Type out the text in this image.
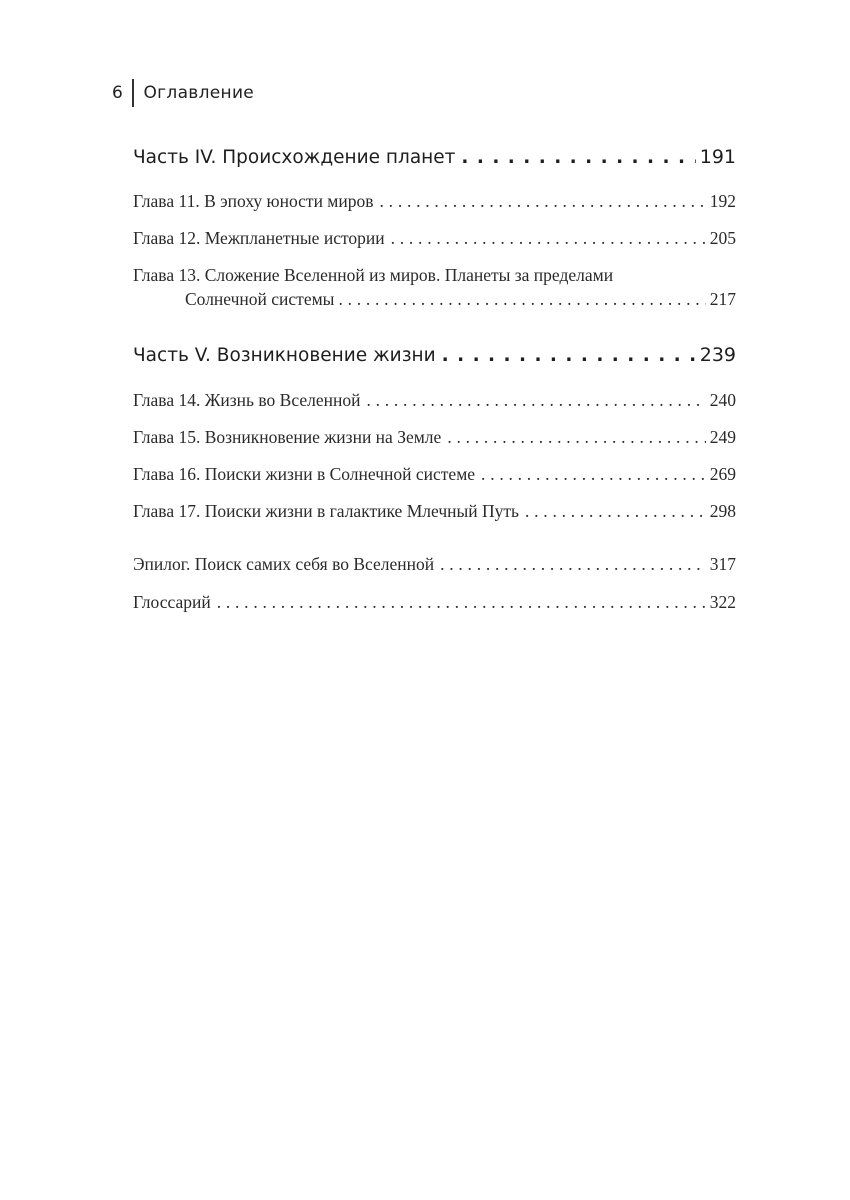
6 Оглавление
Часть IV. Происхождение планет . . .	191
Глава 11. В эпоху юности миров . . .	192
Глава 12. Межпланетные истории . . .	205
Глава 13. Сложение Вселенной из миров. Планеты за пределами
Солнечной системы . . .	217
Часть V. Возникновение жизни . . .	239
Глава 14. Жизнь во Вселенной . . .	240
Глава 15. Возникновение жизни на Земле . . .	249
Глава 16. Поиски жизни в Солнечной системе . . .	269
Глава 17. Поиски жизни в галактике Млечный Путь . . .	298
Эпилог. Поиск самих себя во Вселенной . . .	317
Глоссарий . . .	322
